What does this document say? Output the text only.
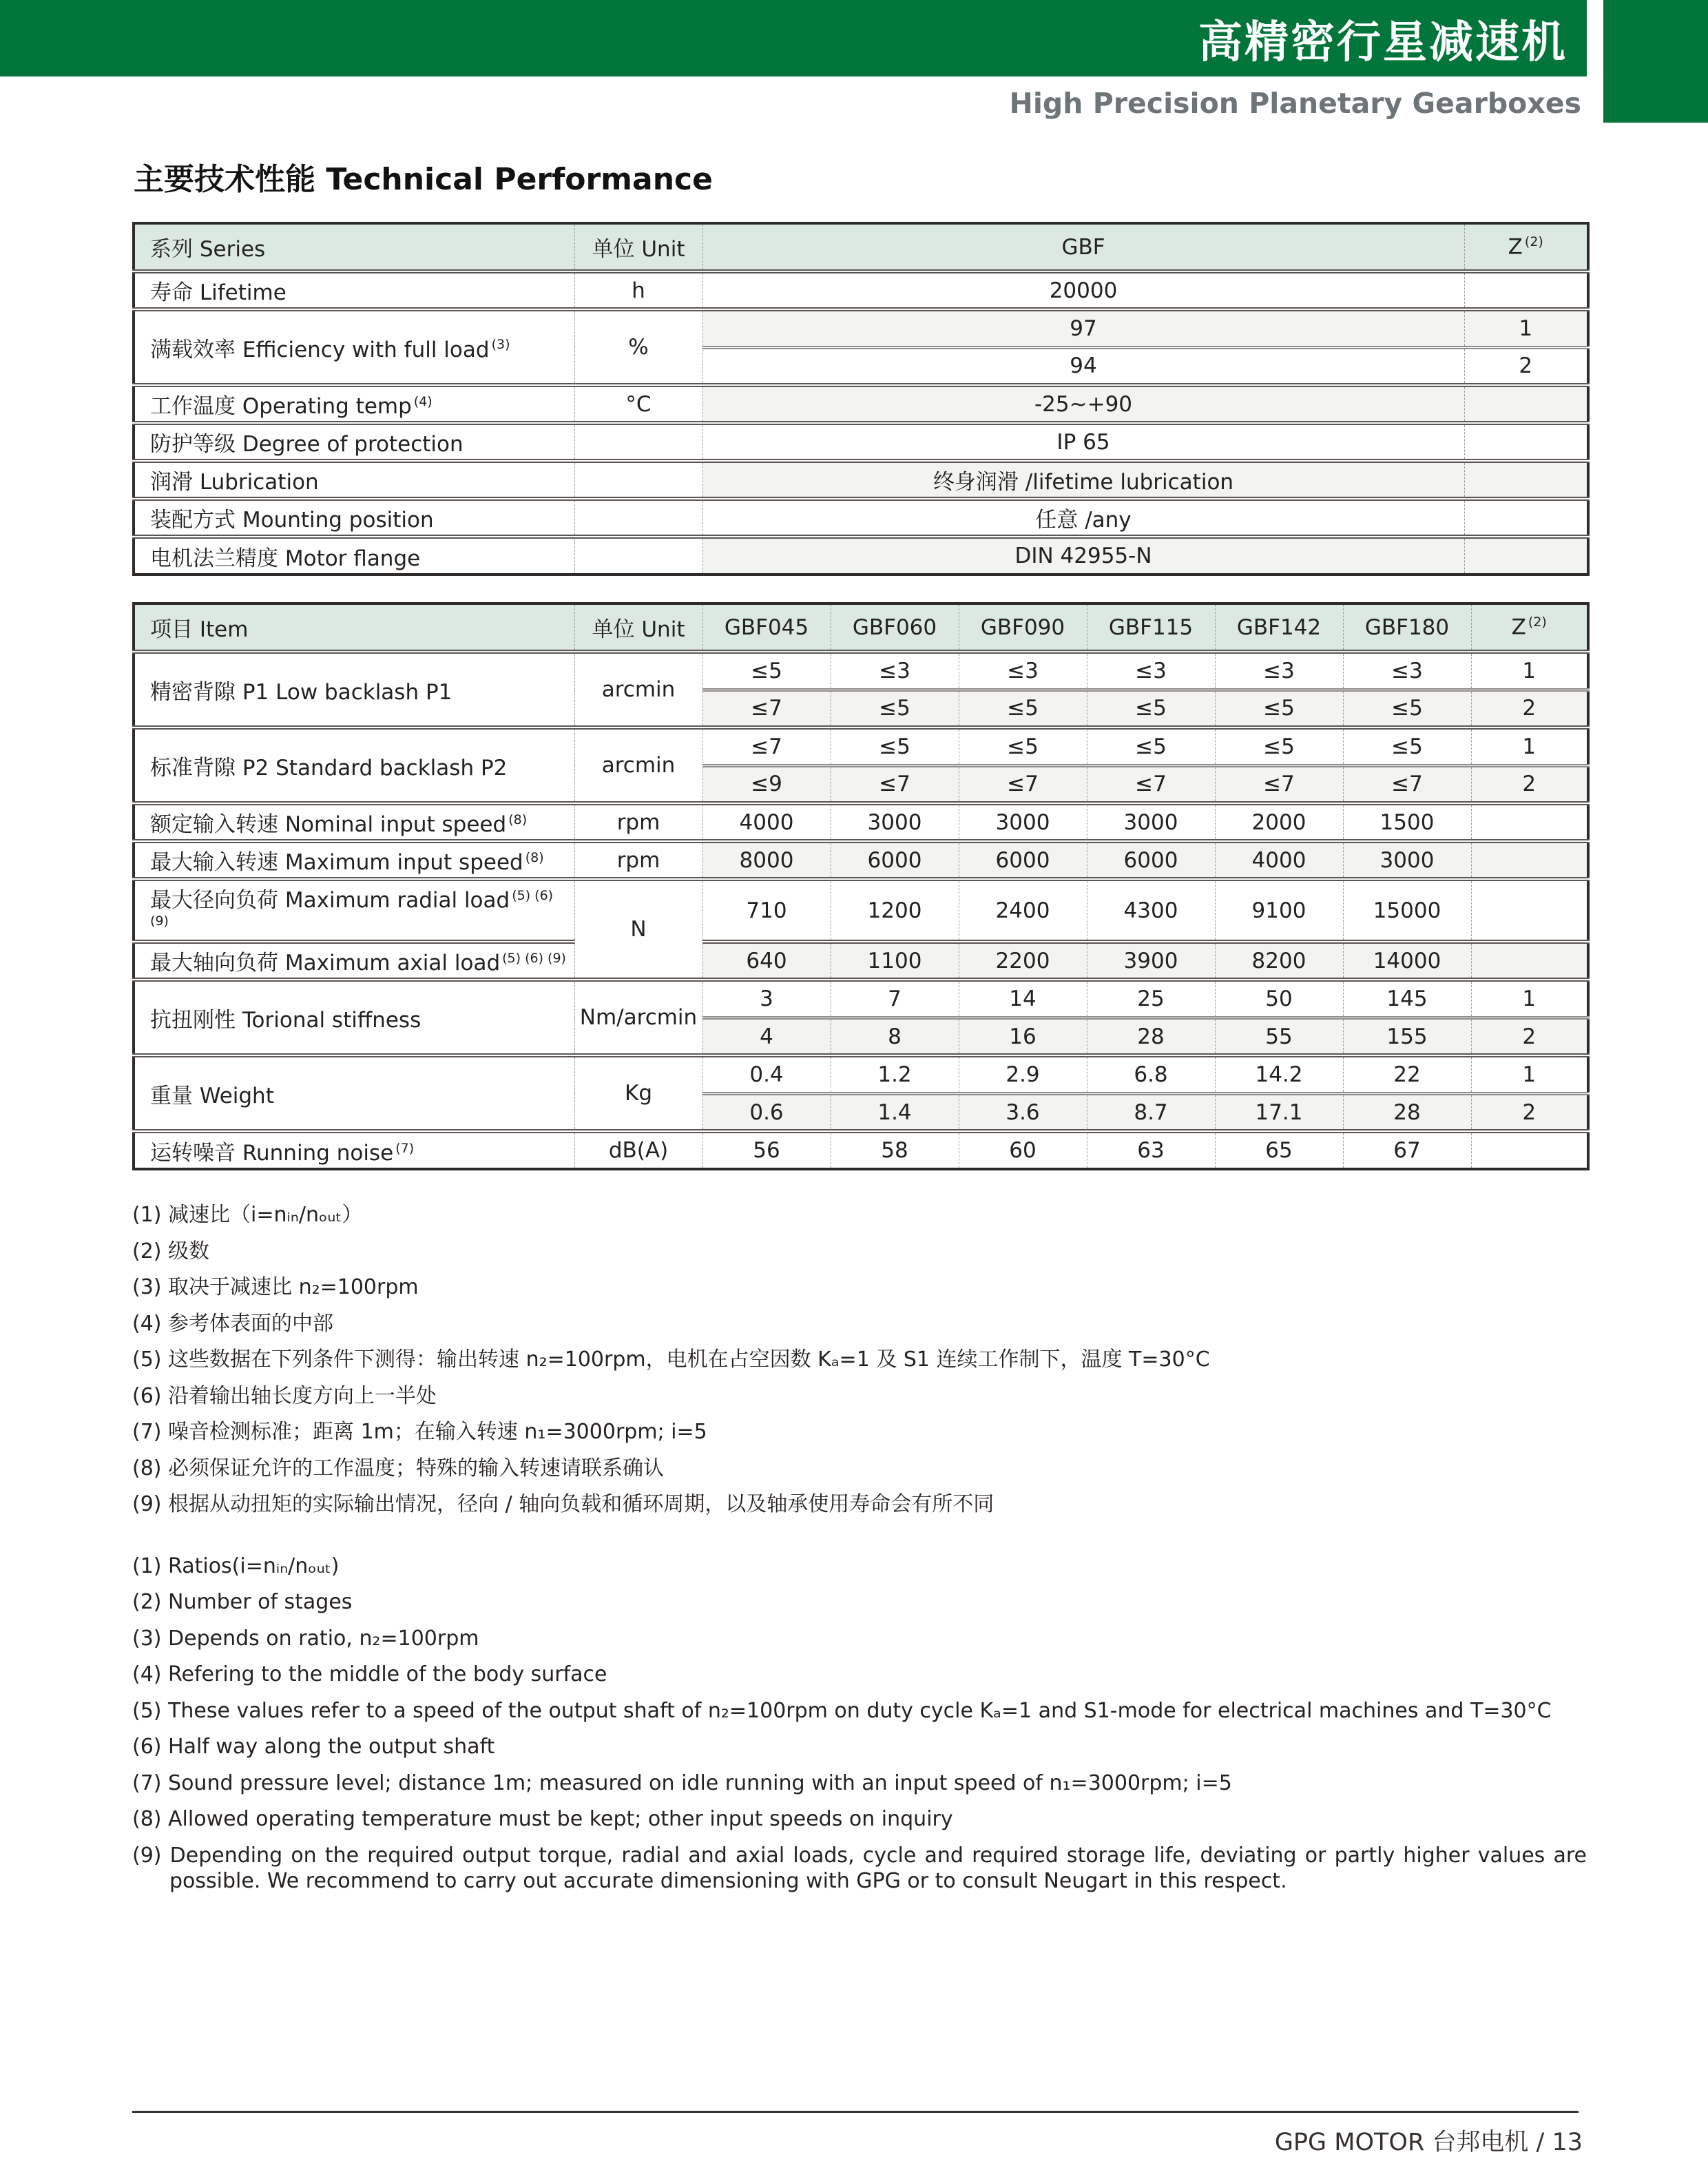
高精密行星减速机
High Precision Planetary Gearboxes
主要技术性能 Technical Performance
系列 Series	单位 Unit	GBF	Z $^{(2)}$
寿命 Lifetime	h	20000	
满载效率 Efficiency with full load $^{(3)}$	%	97	1
		94	2
工作温度 Operating temp $^{(4)}$	°C	-25~+90	
防护等级 Degree of protection		IP 65	
润滑 Lubrication		终身润滑 /lifetime lubrication	
装配方式 Mounting position		任意 /any	
电机法兰精度 Motor flange		DIN 42955-N	
项目 Item	单位 Unit	GBF045	GBF060	GBF090	GBF115	GBF142	GBF180	Z $^{(2)}$
精密背隙 P1 Low backlash P1	arcmin	≤5	≤3	≤3	≤3	≤3	≤3	1
		≤7	≤5	≤5	≤5	≤5	≤5	2
标准背隙 P2 Standard backlash P2	arcmin	≤7	≤5	≤5	≤5	≤5	≤5	1
		≤9	≤7	≤7	≤7	≤7	≤7	2
额定输入转速 Nominal input speed $^{(8)}$	rpm	4000	3000	3000	3000	2000	1500	
最大输入转速 Maximum input speed $^{(8)}$	rpm	8000	6000	6000	6000	4000	3000	
最大径向负荷 Maximum radial load $^{(5) (6) (9)}$	N	710	1200	2400	4300	9100	15000	
最大轴向负荷 Maximum axial load $^{(5) (6) (9)}$		640	1100	2200	3900	8200	14000	
抗扭刚性 Torional stiffness	Nm/arcmin	3	7	14	25	50	145	1
		4	8	16	28	55	155	2
重量 Weight	Kg	0.4	1.2	2.9	6.8	14.2	22	1
		0.6	1.4	3.6	8.7	17.1	28	2
运转噪音 Running noise $^{(7)}$	dB(A)	56	58	60	63	65	67	
(1) 减速比（i=nᵢₙ/nₒᵤₜ）
(2) 级数
(3) 取决于减速比 n₂=100rpm
(4) 参考体表面的中部
(5) 这些数据在下列条件下测得：输出转速 n₂=100rpm，电机在占空因数 Kₐ=1 及 S1 连续工作制下，温度 T=30°C
(6) 沿着输出轴长度方向上一半处
(7) 噪音检测标准；距离 1m；在输入转速 n₁=3000rpm; i=5
(8) 必须保证允许的工作温度；特殊的输入转速请联系确认
(9) 根据从动扭矩的实际输出情况，径向 / 轴向负载和循环周期，以及轴承使用寿命会有所不同
(1) Ratios(i=nᵢₙ/nₒᵤₜ)
(2) Number of stages
(3) Depends on ratio, n₂=100rpm
(4) Refering to the middle of the body surface
(5) These values refer to a speed of the output shaft of n₂=100rpm on duty cycle Kₐ=1 and S1-mode for electrical machines and T=30°C
(6) Half way along the output shaft
(7) Sound pressure level; distance 1m; measured on idle running with an input speed of n₁=3000rpm; i=5
(8) Allowed operating temperature must be kept; other input speeds on inquiry
(9) Depending on the required output torque, radial and axial loads, cycle and required storage life, deviating or partly higher values are possible. We recommend to carry out accurate dimensioning with GPG or to consult Neugart in this respect.
GPG MOTOR 台邦电机 / 13
